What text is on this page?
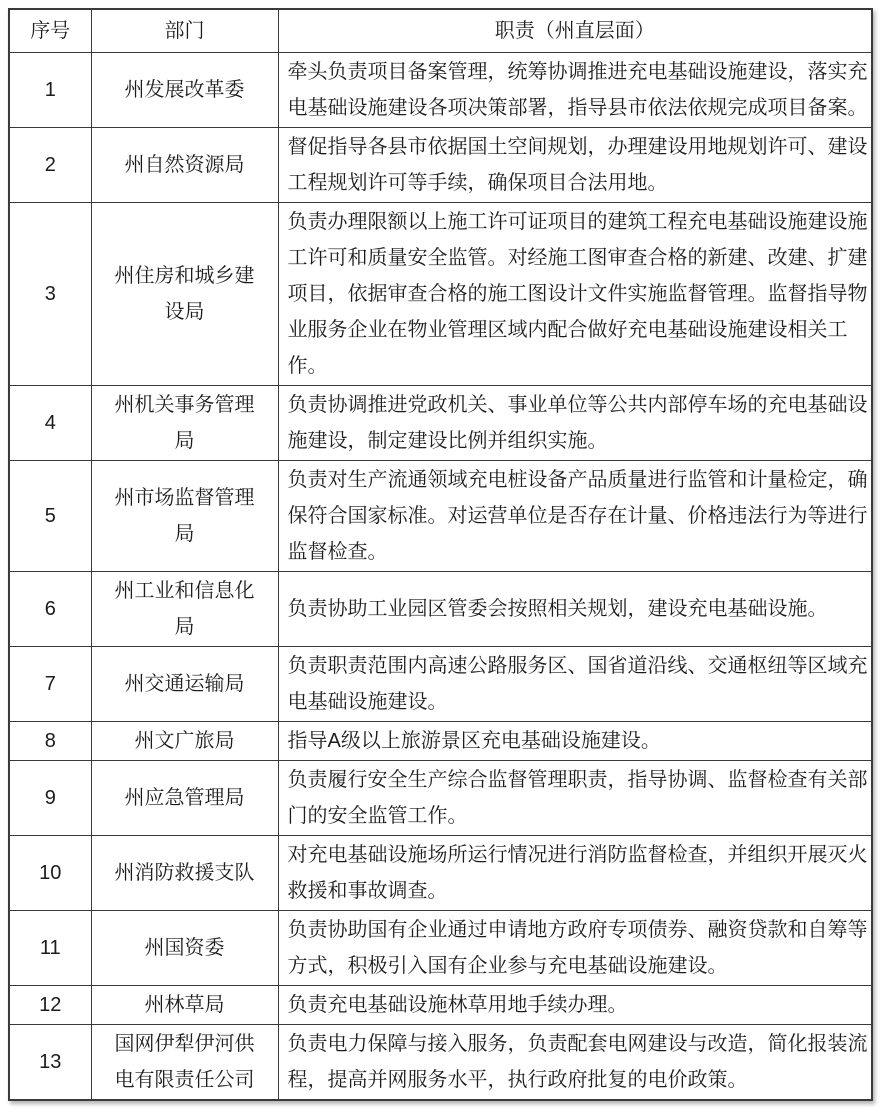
序号	部门	职责（州直层面）
1	州发展改革委	牵头负责项目备案管理，统筹协调推进充电基础设施建设，落实充电基础设施建设各项决策部署，指导县市依法依规完成项目备案。
2	州自然资源局	督促指导各县市依据国土空间规划，办理建设用地规划许可、建设工程规划许可等手续，确保项目合法用地。
3	州住房和城乡建设局	负责办理限额以上施工许可证项目的建筑工程充电基础设施建设施工许可和质量安全监管。对经施工图审查合格的新建、改建、扩建项目，依据审查合格的施工图设计文件实施监督管理。监督指导物业服务企业在物业管理区域内配合做好充电基础设施建设相关工作。
4	州机关事务管理局	负责协调推进党政机关、事业单位等公共内部停车场的充电基础设施建设，制定建设比例并组织实施。
5	州市场监督管理局	负责对生产流通领域充电桩设备产品质量进行监管和计量检定，确保符合国家标准。对运营单位是否存在计量、价格违法行为等进行监督检查。
6	州工业和信息化局	负责协助工业园区管委会按照相关规划，建设充电基础设施。
7	州交通运输局	负责职责范围内高速公路服务区、国省道沿线、交通枢纽等区域充电基础设施建设。
8	州文广旅局	指导A级以上旅游景区充电基础设施建设。
9	州应急管理局	负责履行安全生产综合监督管理职责，指导协调、监督检查有关部门的安全监管工作。
10	州消防救援支队	对充电基础设施场所运行情况进行消防监督检查，并组织开展灭火救援和事故调查。
11	州国资委	负责协助国有企业通过申请地方政府专项债券、融资贷款和自筹等方式，积极引入国有企业参与充电基础设施建设。
12	州林草局	负责充电基础设施林草用地手续办理。
13	国网伊犁伊河供电有限责任公司	负责电力保障与接入服务，负责配套电网建设与改造，简化报装流程，提高并网服务水平，执行政府批复的电价政策。
